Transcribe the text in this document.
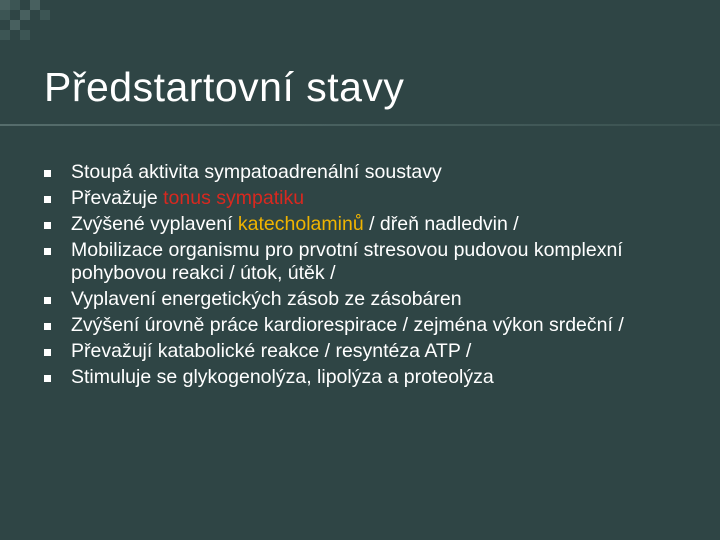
Předstartovní stavy
Stoupá aktivita sympatoadrenální soustavy
Převažuje tonus sympatiku
Zvýšené vyplavení katecholaminů / dřeň nadledvin /
Mobilizace organismu pro prvotní stresovou pudovou komplexní pohybovou reakci / útok, útěk /
Vyplavení energetických zásob ze zásobáren
Zvýšení úrovně práce kardiorespirace / zejména výkon srdeční /
Převažují katabolické reakce / resyntéza ATP /
Stimuluje se glykogenolýza, lipolýza a proteolýza
